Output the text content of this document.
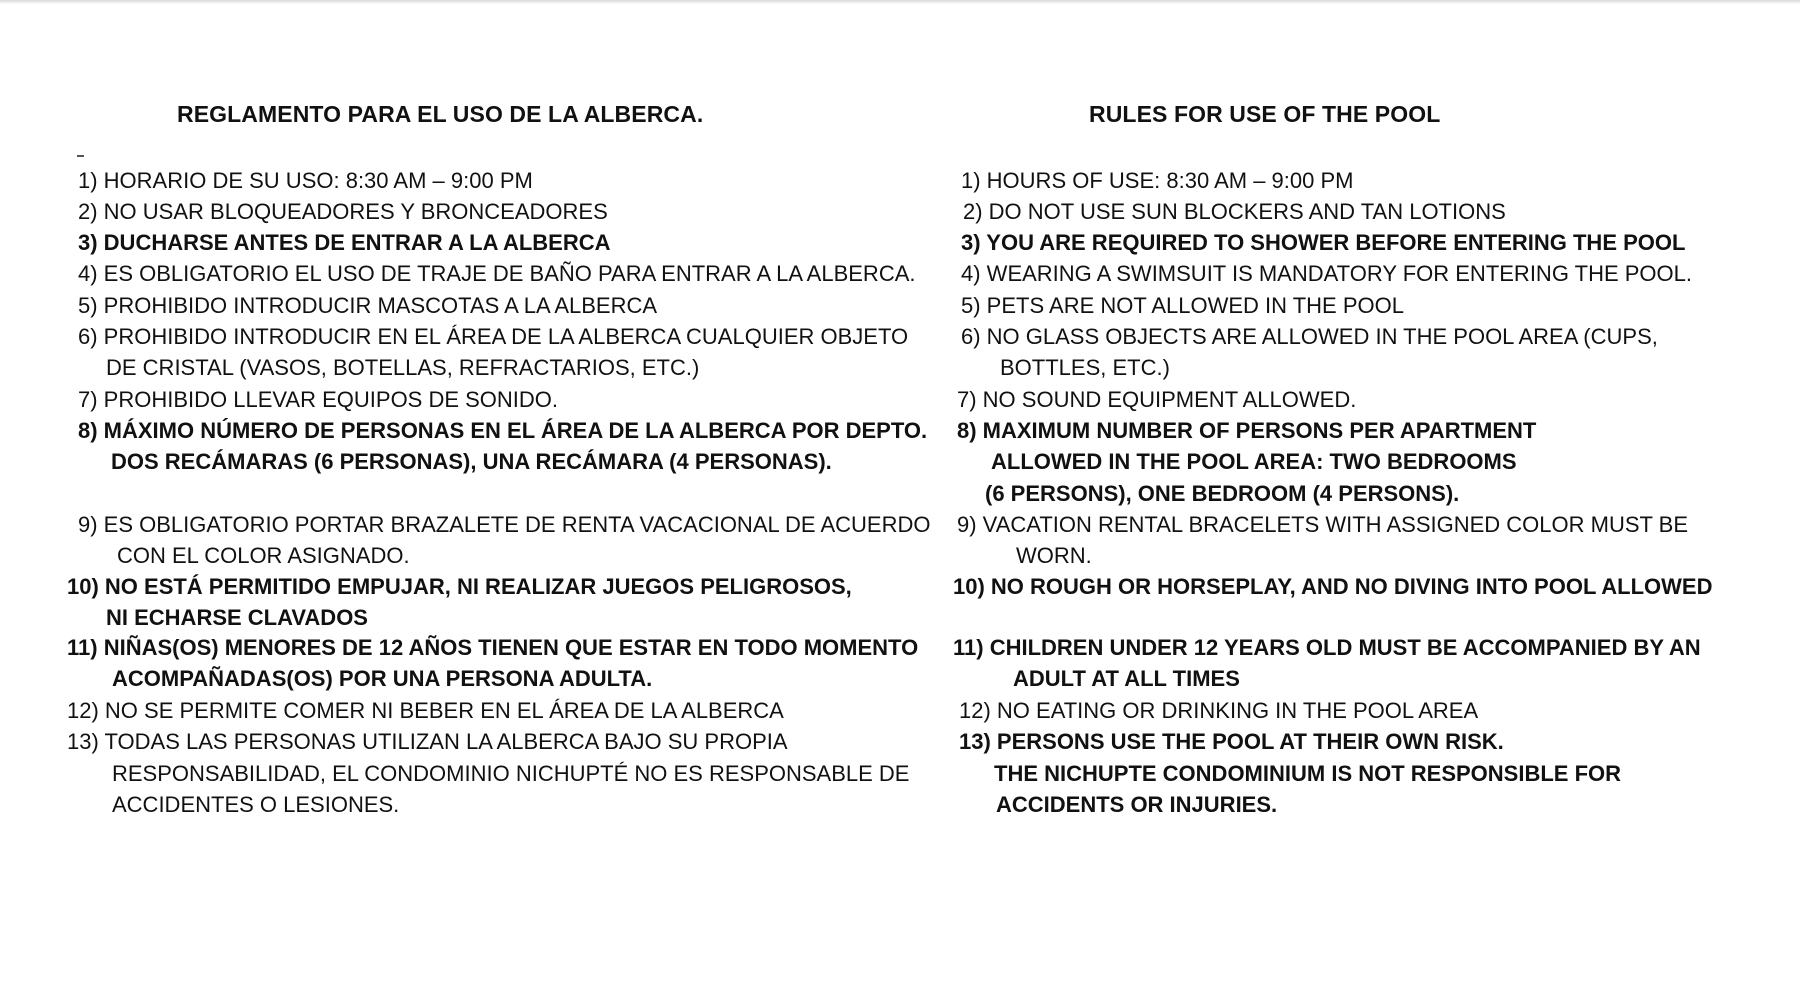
REGLAMENTO PARA EL USO DE LA ALBERCA.
1) HORARIO DE SU USO: 8:30 AM – 9:00 PM
2) NO USAR BLOQUEADORES Y BRONCEADORES
3) DUCHARSE ANTES DE ENTRAR A LA ALBERCA
4) ES OBLIGATORIO EL USO DE TRAJE DE BAÑO PARA ENTRAR A LA ALBERCA.
5) PROHIBIDO INTRODUCIR MASCOTAS A LA ALBERCA
6) PROHIBIDO INTRODUCIR EN EL ÁREA DE LA ALBERCA CUALQUIER OBJETO
DE CRISTAL (VASOS, BOTELLAS, REFRACTARIOS, ETC.)
7) PROHIBIDO LLEVAR EQUIPOS DE SONIDO.
8) MÁXIMO NÚMERO DE PERSONAS EN EL ÁREA DE LA ALBERCA POR DEPTO.
DOS RECÁMARAS (6 PERSONAS), UNA RECÁMARA (4 PERSONAS).
9) ES OBLIGATORIO PORTAR BRAZALETE DE RENTA VACACIONAL DE ACUERDO
CON EL COLOR ASIGNADO.
10) NO ESTÁ PERMITIDO EMPUJAR, NI REALIZAR JUEGOS PELIGROSOS,
NI ECHARSE CLAVADOS
11) NIÑAS(OS) MENORES DE 12 AÑOS TIENEN QUE ESTAR EN TODO MOMENTO
ACOMPAÑADAS(OS) POR UNA PERSONA ADULTA.
12) NO SE PERMITE COMER NI BEBER EN EL ÁREA DE LA ALBERCA
13) TODAS LAS PERSONAS UTILIZAN LA ALBERCA BAJO SU PROPIA
RESPONSABILIDAD, EL CONDOMINIO NICHUPTÉ NO ES RESPONSABLE DE
ACCIDENTES O LESIONES.
RULES FOR USE OF THE POOL
1) HOURS OF USE: 8:30 AM – 9:00 PM
2) DO NOT USE SUN BLOCKERS AND TAN LOTIONS
3) YOU ARE REQUIRED TO SHOWER BEFORE ENTERING THE POOL
4) WEARING A SWIMSUIT IS MANDATORY FOR ENTERING THE POOL.
5) PETS ARE NOT ALLOWED IN THE POOL
6) NO GLASS OBJECTS ARE ALLOWED IN THE POOL AREA (CUPS,
BOTTLES, ETC.)
7) NO SOUND EQUIPMENT ALLOWED.
8) MAXIMUM NUMBER OF PERSONS PER APARTMENT
ALLOWED IN THE POOL AREA: TWO BEDROOMS
(6 PERSONS), ONE BEDROOM (4 PERSONS).
9) VACATION RENTAL BRACELETS WITH ASSIGNED COLOR MUST BE
WORN.
10) NO ROUGH OR HORSEPLAY, AND NO DIVING INTO POOL ALLOWED
11) CHILDREN UNDER 12 YEARS OLD MUST BE ACCOMPANIED BY AN
ADULT AT ALL TIMES
12) NO EATING OR DRINKING IN THE POOL AREA
13) PERSONS USE THE POOL AT THEIR OWN RISK.
THE NICHUPTE CONDOMINIUM IS NOT RESPONSIBLE FOR
ACCIDENTS OR INJURIES.
